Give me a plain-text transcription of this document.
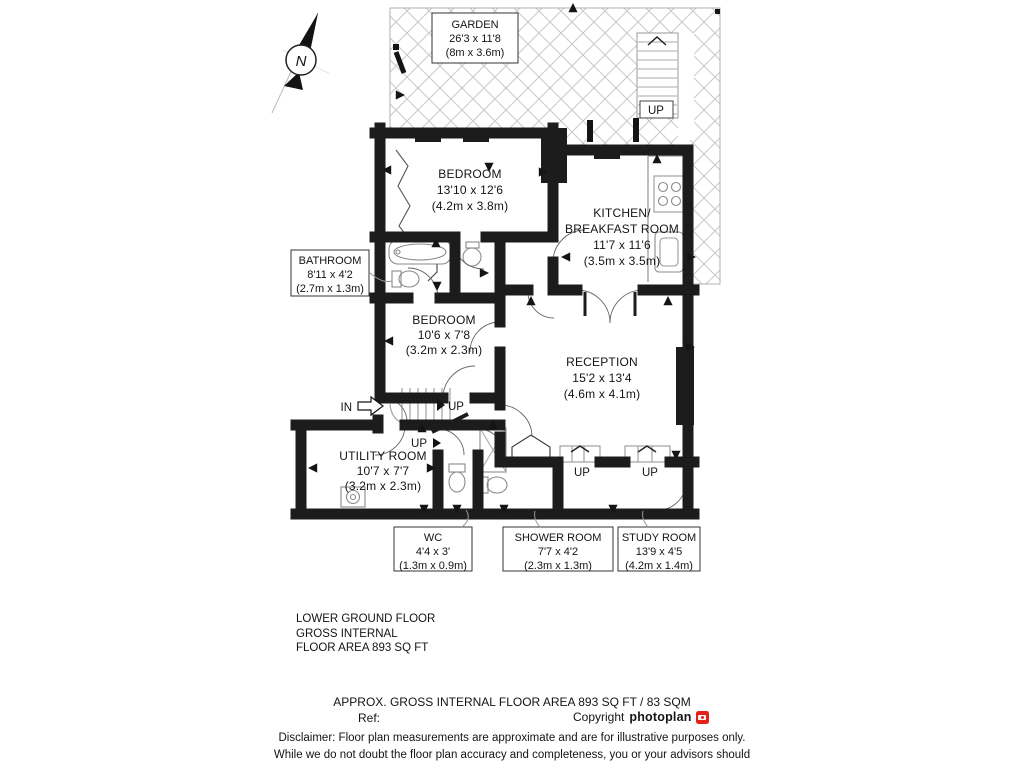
UP
GARDEN
26'3 x 11'8
(8m x 3.6m)
N
BEDROOM
13'10 x 12'6
(4.2m x 3.8m)	KITCHEN/
BREAKFAST ROOM
11'7 x 11'6
(3.5m x 3.5m)
BATHROOM
8'11 x 4'2
(2.7m x 1.3m)
BEDROOM
10'6 x 7'8
(3.2m x 2.3m)
RECEPTION
15'2 x 13'4
(4.6m x 4.1m)
UTILITY ROOM
10'7 x 7'7
(3.2m x 2.3m)
WC
4'4 x 3'
(1.3m x 0.9m)
SHOWER ROOM
7'7 x 4'2
(2.3m x 1.3m)
STUDY ROOM
13'9 x 4'5
(4.2m x 1.4m)
IN	UP
UP
UP	UP
LOWER GROUND FLOOR
GROSS INTERNAL
FLOOR AREA 893 SQ FT
APPROX. GROSS INTERNAL FLOOR AREA 893 SQ FT / 83 SQM
Ref:	Copyright photoplan
Disclaimer: Floor plan measurements are approximate and are for illustrative purposes only.
While we do not doubt the floor plan accuracy and completeness, you or your advisors should
